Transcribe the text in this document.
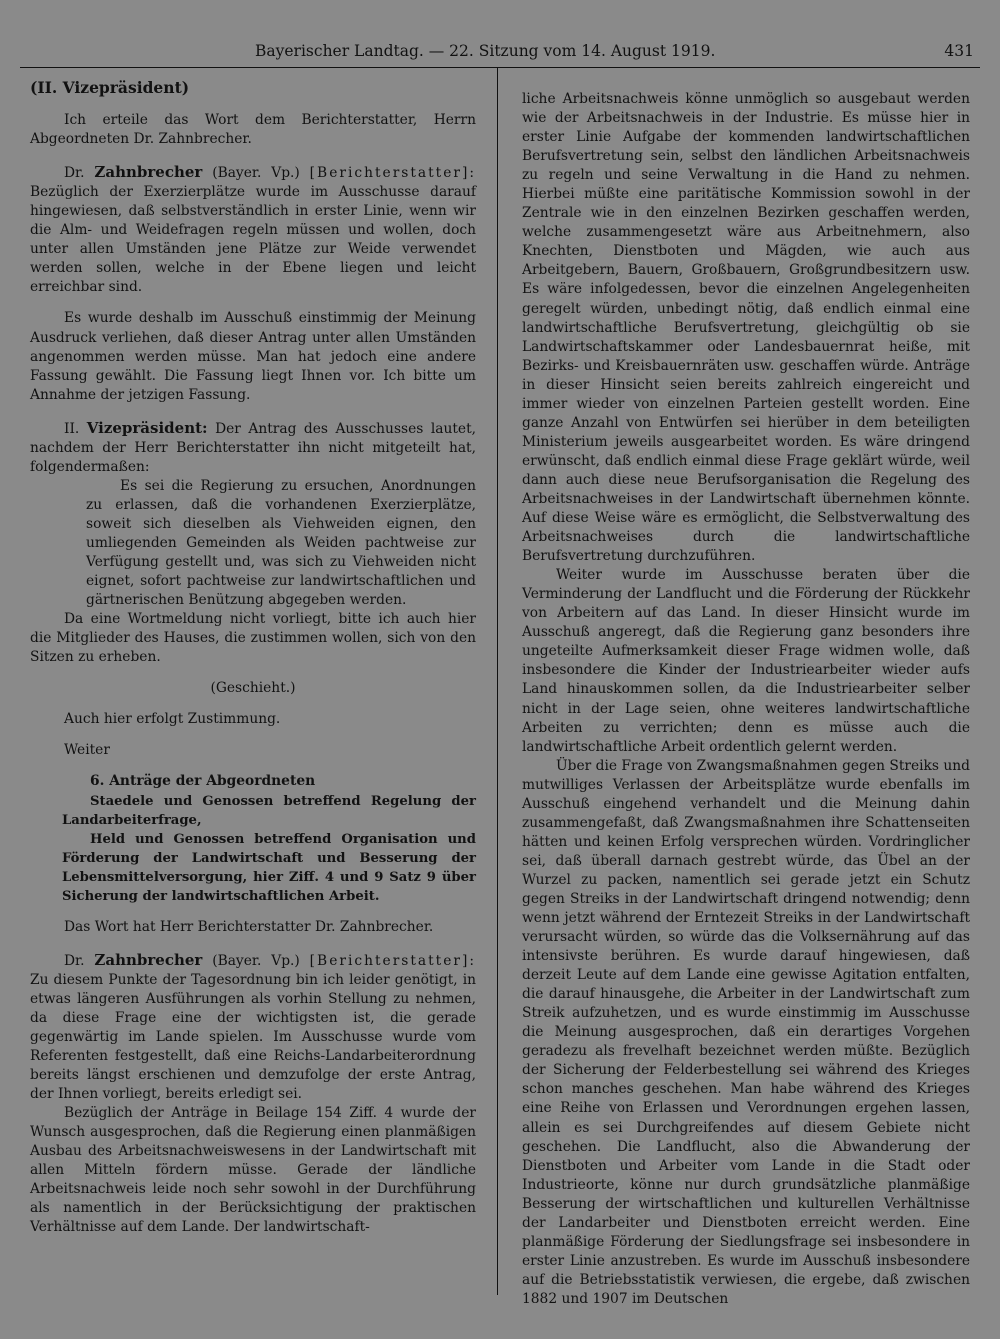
Bayerischer Landtag. — 22. Sitzung vom 14. August 1919.	431

(II. Vizepräsident)

Ich erteile das Wort dem Berichterstatter, Herrn Abgeordneten Dr. Zahnbrecher.

Dr. Zahnbrecher (Bayer. Vp.) [Berichterstatter]: Bezüglich der Exerzierplätze wurde im Ausschusse darauf hingewiesen, daß selbstverständlich in erster Linie, wenn wir die Alm- und Weidefragen regeln müssen und wollen, doch unter allen Umständen jene Plätze zur Weide verwendet werden sollen, welche in der Ebene liegen und leicht erreichbar sind.

Es wurde deshalb im Ausschuß einstimmig der Meinung Ausdruck verliehen, daß dieser Antrag unter allen Umständen angenommen werden müsse. Man hat jedoch eine andere Fassung gewählt. Die Fassung liegt Ihnen vor. Ich bitte um Annahme der jetzigen Fassung.

II. Vizepräsident: Der Antrag des Ausschusses lautet, nachdem der Herr Berichterstatter ihn nicht mitgeteilt hat, folgendermaßen:

Es sei die Regierung zu ersuchen, Anordnungen zu erlassen, daß die vorhandenen Exerzierplätze, soweit sich dieselben als Viehweiden eignen, den umliegenden Gemeinden als Weiden pachtweise zur Verfügung gestellt und, was sich zu Viehweiden nicht eignet, sofort pachtweise zur landwirtschaftlichen und gärtnerischen Benützung abgegeben werden.

Da eine Wortmeldung nicht vorliegt, bitte ich auch hier die Mitglieder des Hauses, die zustimmen wollen, sich von den Sitzen zu erheben.

(Geschieht.)

Auch hier erfolgt Zustimmung.

Weiter

6. Anträge der Abgeordneten

Staedele und Genossen betreffend Regelung der Landarbeiterfrage,

Held und Genossen betreffend Organisation und Förderung der Landwirtschaft und Besserung der Lebensmittelversorgung, hier Ziff. 4 und 9 Satz 9 über Sicherung der landwirtschaftlichen Arbeit.

Das Wort hat Herr Berichterstatter Dr. Zahnbrecher.

Dr. Zahnbrecher (Bayer. Vp.) [Berichterstatter]: Zu diesem Punkte der Tagesordnung bin ich leider genötigt, in etwas längeren Ausführungen als vorhin Stellung zu nehmen, da diese Frage eine der wichtigsten ist, die gerade gegenwärtig im Lande spielen. Im Ausschusse wurde vom Referenten festgestellt, daß eine Reichs-Landarbeiterordnung bereits längst erschienen und demzufolge der erste Antrag, der Ihnen vorliegt, bereits erledigt sei.

Bezüglich der Anträge in Beilage 154 Ziff. 4 wurde der Wunsch ausgesprochen, daß die Regierung einen planmäßigen Ausbau des Arbeitsnachweiswesens in der Landwirtschaft mit allen Mitteln fördern müsse. Gerade der ländliche Arbeitsnachweis leide noch sehr sowohl in der Durchführung als namentlich in der Berücksichtigung der praktischen Verhältnisse auf dem Lande. Der landwirtschaft-

liche Arbeitsnachweis könne unmöglich so ausgebaut werden wie der Arbeitsnachweis in der Industrie. Es müsse hier in erster Linie Aufgabe der kommenden landwirtschaftlichen Berufsvertretung sein, selbst den ländlichen Arbeitsnachweis zu regeln und seine Verwaltung in die Hand zu nehmen. Hierbei müßte eine paritätische Kommission sowohl in der Zentrale wie in den einzelnen Bezirken geschaffen werden, welche zusammengesetzt wäre aus Arbeitnehmern, also Knechten, Dienstboten und Mägden, wie auch aus Arbeitgebern, Bauern, Großbauern, Großgrundbesitzern usw. Es wäre infolgedessen, bevor die einzelnen Angelegenheiten geregelt würden, unbedingt nötig, daß endlich einmal eine landwirtschaftliche Berufsvertretung, gleichgültig ob sie Landwirtschaftskammer oder Landesbauernrat heiße, mit Bezirks- und Kreisbauernräten usw. geschaffen würde. Anträge in dieser Hinsicht seien bereits zahlreich eingereicht und immer wieder von einzelnen Parteien gestellt worden. Eine ganze Anzahl von Entwürfen sei hierüber in dem beteiligten Ministerium jeweils ausgearbeitet worden. Es wäre dringend erwünscht, daß endlich einmal diese Frage geklärt würde, weil dann auch diese neue Berufsorganisation die Regelung des Arbeitsnachweises in der Landwirtschaft übernehmen könnte. Auf diese Weise wäre es ermöglicht, die Selbstverwaltung des Arbeitsnachweises durch die landwirtschaftliche Berufsvertretung durchzuführen.

Weiter wurde im Ausschusse beraten über die Verminderung der Landflucht und die Förderung der Rückkehr von Arbeitern auf das Land. In dieser Hinsicht wurde im Ausschuß angeregt, daß die Regierung ganz besonders ihre ungeteilte Aufmerksamkeit dieser Frage widmen wolle, daß insbesondere die Kinder der Industriearbeiter wieder aufs Land hinauskommen sollen, da die Industriearbeiter selber nicht in der Lage seien, ohne weiteres landwirtschaftliche Arbeiten zu verrichten; denn es müsse auch die landwirtschaftliche Arbeit ordentlich gelernt werden.

Über die Frage von Zwangsmaßnahmen gegen Streiks und mutwilliges Verlassen der Arbeitsplätze wurde ebenfalls im Ausschuß eingehend verhandelt und die Meinung dahin zusammengefaßt, daß Zwangsmaßnahmen ihre Schattenseiten hätten und keinen Erfolg versprechen würden. Vordringlicher sei, daß überall darnach gestrebt würde, das Übel an der Wurzel zu packen, namentlich sei gerade jetzt ein Schutz gegen Streiks in der Landwirtschaft dringend notwendig; denn wenn jetzt während der Erntezeit Streiks in der Landwirtschaft verursacht würden, so würde das die Volksernährung auf das intensivste berühren. Es wurde darauf hingewiesen, daß derzeit Leute auf dem Lande eine gewisse Agitation entfalten, die darauf hinausgehe, die Arbeiter in der Landwirtschaft zum Streik aufzuhetzen, und es wurde einstimmig im Ausschusse die Meinung ausgesprochen, daß ein derartiges Vorgehen geradezu als frevelhaft bezeichnet werden müßte. Bezüglich der Sicherung der Felderbestellung sei während des Krieges schon manches geschehen. Man habe während des Krieges eine Reihe von Erlassen und Verordnungen ergehen lassen, allein es sei Durchgreifendes auf diesem Gebiete nicht geschehen. Die Landflucht, also die Abwanderung der Dienstboten und Arbeiter vom Lande in die Stadt oder Industrieorte, könne nur durch grundsätzliche planmäßige Besserung der wirtschaftlichen und kulturellen Verhältnisse der Landarbeiter und Dienstboten erreicht werden. Eine planmäßige Förderung der Siedlungsfrage sei insbesondere in erster Linie anzustreben. Es wurde im Ausschuß insbesondere auf die Betriebsstatistik verwiesen, die ergebe, daß zwischen 1882 und 1907 im Deutschen
